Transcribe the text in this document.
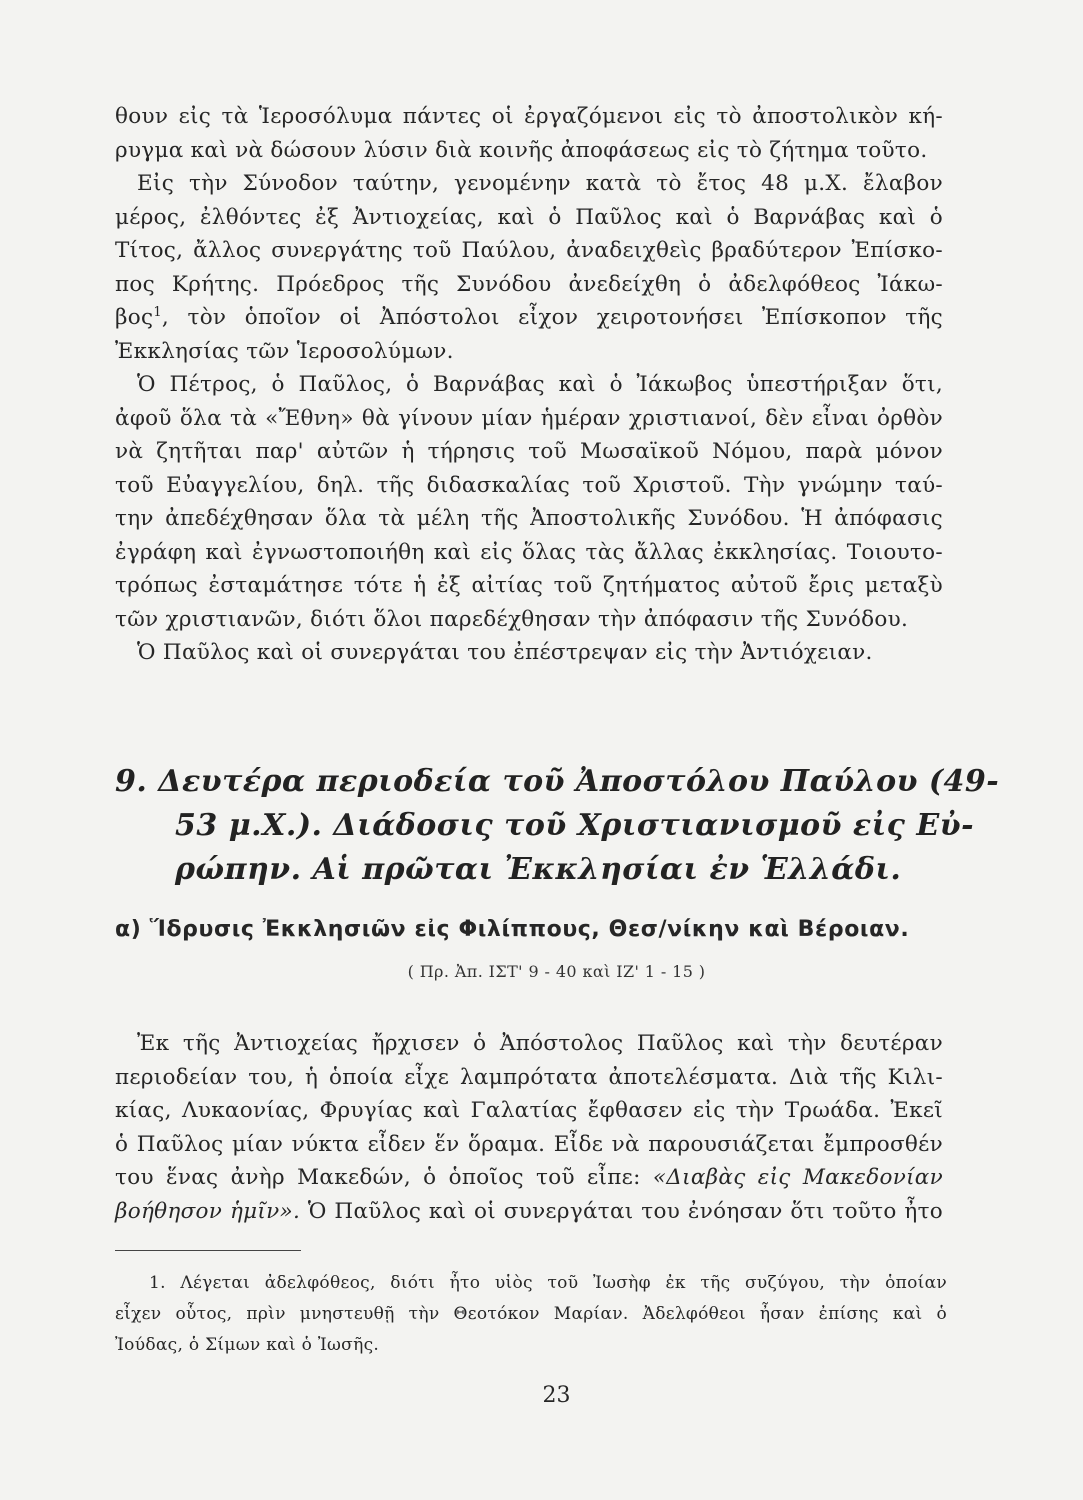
θουν εἰς τὰ Ἱεροσόλυμα πάντες οἱ ἐργαζόμενοι εἰς τὸ ἀποστολικὸν κή-
ρυγμα καὶ νὰ δώσουν λύσιν διὰ κοινῆς ἀποφάσεως εἰς τὸ ζήτημα τοῦτο.
Εἰς τὴν Σύνοδον ταύτην, γενομένην κατὰ τὸ ἔτος 48 μ.Χ. ἔλαβον
μέρος, ἐλθόντες ἐξ Ἀντιοχείας, καὶ ὁ Παῦλος καὶ ὁ Βαρνάβας καὶ ὁ
Τίτος, ἄλλος συνεργάτης τοῦ Παύλου, ἀναδειχθεὶς βραδύτερον Ἐπίσκο-
πος Κρήτης. Πρόεδρος τῆς Συνόδου ἀνεδείχθη ὁ ἀδελφόθεος Ἰάκω-
βος$^1$, τὸν ὁποῖον οἱ Ἀπόστολοι εἶχον χειροτονήσει Ἐπίσκοπον τῆς
Ἐκκλησίας τῶν Ἱεροσολύμων.
Ὁ Πέτρος, ὁ Παῦλος, ὁ Βαρνάβας καὶ ὁ Ἰάκωβος ὑπεστήριξαν ὅτι,
ἀφοῦ ὅλα τὰ «Ἔθνη» θὰ γίνουν μίαν ἡμέραν χριστιανοί, δὲν εἶναι ὀρθὸν
νὰ ζητῆται παρ' αὐτῶν ἡ τήρησις τοῦ Μωσαϊκοῦ Νόμου, παρὰ μόνον
τοῦ Εὐαγγελίου, δηλ. τῆς διδασκαλίας τοῦ Χριστοῦ. Τὴν γνώμην ταύ-
την ἀπεδέχθησαν ὅλα τὰ μέλη τῆς Ἀποστολικῆς Συνόδου. Ἡ ἀπόφασις
ἐγράφη καὶ ἐγνωστοποιήθη καὶ εἰς ὅλας τὰς ἄλλας ἐκκλησίας. Τοιουτο-
τρόπως ἐσταμάτησε τότε ἡ ἐξ αἰτίας τοῦ ζητήματος αὐτοῦ ἔρις μεταξὺ
τῶν χριστιανῶν, διότι ὅλοι παρεδέχθησαν τὴν ἀπόφασιν τῆς Συνόδου.
Ὁ Παῦλος καὶ οἱ συνεργάται του ἐπέστρεψαν εἰς τὴν Ἀντιόχειαν.
9. Δευτέρα περιοδεία τοῦ Ἀποστόλου Παύλου (49-
53 μ.Χ.). Διάδοσις τοῦ Χριστιανισμοῦ εἰς Εὐ-
ρώπην. Αἱ πρῶται Ἐκκλησίαι ἐν Ἑλλάδι.
α) Ἵδρυσις Ἐκκλησιῶν εἰς Φιλίππους, Θεσ/νίκην καὶ Βέροιαν.
( Πρ. Ἀπ. ΙΣΤ' 9 - 40 καὶ ΙΖ' 1 - 15 )
Ἐκ τῆς Ἀντιοχείας ἤρχισεν ὁ Ἀπόστολος Παῦλος καὶ τὴν δευτέραν
περιοδείαν του, ἡ ὁποία εἶχε λαμπρότατα ἀποτελέσματα. Διὰ τῆς Κιλι-
κίας, Λυκαονίας, Φρυγίας καὶ Γαλατίας ἔφθασεν εἰς τὴν Τρωάδα. Ἐκεῖ
ὁ Παῦλος μίαν νύκτα εἶδεν ἕν ὅραμα. Εἶδε νὰ παρουσιάζεται ἔμπροσθέν
του ἕνας ἀνὴρ Μακεδών, ὁ ὁποῖος τοῦ εἶπε: «Διαβὰς εἰς Μακεδονίαν
βοήθησον ἡμῖν». Ὁ Παῦλος καὶ οἱ συνεργάται του ἐνόησαν ὅτι τοῦτο ἦτο
1. Λέγεται ἀδελφόθεος, διότι ἦτο υἱὸς τοῦ Ἰωσὴφ ἐκ τῆς συζύγου, τὴν ὁποίαν
εἶχεν οὗτος, πρὶν μνηστευθῇ τὴν Θεοτόκον Μαρίαν. Ἀδελφόθεοι ἦσαν ἐπίσης καὶ ὁ
Ἰούδας, ὁ Σίμων καὶ ὁ Ἰωσῆς.
23
